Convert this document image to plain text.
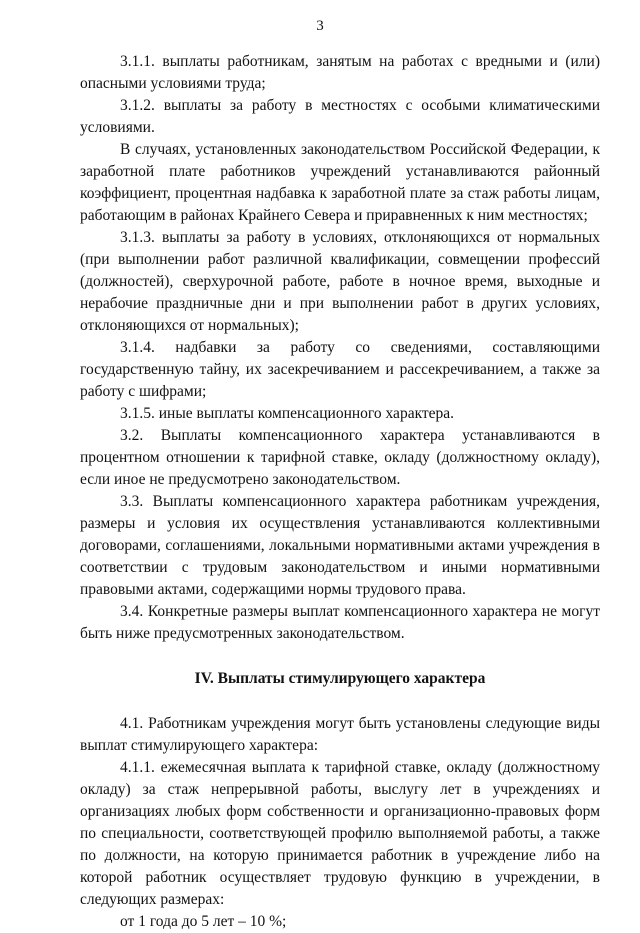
3

3.1.1. выплаты работникам, занятым на работах с вредными и (или) опасными условиями труда;

3.1.2. выплаты за работу в местностях с особыми климатическими условиями.

В случаях, установленных законодательством Российской Федерации, к заработной плате работников учреждений устанавливаются районный коэффициент, процентная надбавка к заработной плате за стаж работы лицам, работающим в районах Крайнего Севера и приравненных к ним местностях;

3.1.3. выплаты за работу в условиях, отклоняющихся от нормальных (при выполнении работ различной квалификации, совмещении профессий (должностей), сверхурочной работе, работе в ночное время, выходные и нерабочие праздничные дни и при выполнении работ в других условиях, отклоняющихся от нормальных);

3.1.4. надбавки за работу со сведениями, составляющими государственную тайну, их засекречиванием и рассекречиванием, а также за работу с шифрами;

3.1.5. иные выплаты компенсационного характера.

3.2. Выплаты компенсационного характера устанавливаются в процентном отношении к тарифной ставке, окладу (должностному окладу), если иное не предусмотрено законодательством.

3.3. Выплаты компенсационного характера работникам учреждения, размеры и условия их осуществления устанавливаются коллективными договорами, соглашениями, локальными нормативными актами учреждения в соответствии с трудовым законодательством и иными нормативными правовыми актами, содержащими нормы трудового права.

3.4. Конкретные размеры выплат компенсационного характера не могут быть ниже предусмотренных законодательством.

IV. Выплаты стимулирующего характера

4.1. Работникам учреждения могут быть установлены следующие виды выплат стимулирующего характера:

4.1.1. ежемесячная выплата к тарифной ставке, окладу (должностному окладу) за стаж непрерывной работы, выслугу лет в учреждениях и организациях любых форм собственности и организационно-правовых форм по специальности, соответствующей профилю выполняемой работы, а также по должности, на которую принимается работник в учреждение либо на которой работник осуществляет трудовую функцию в учреждении, в следующих размерах:

от 1 года до 5 лет – 10 %;
